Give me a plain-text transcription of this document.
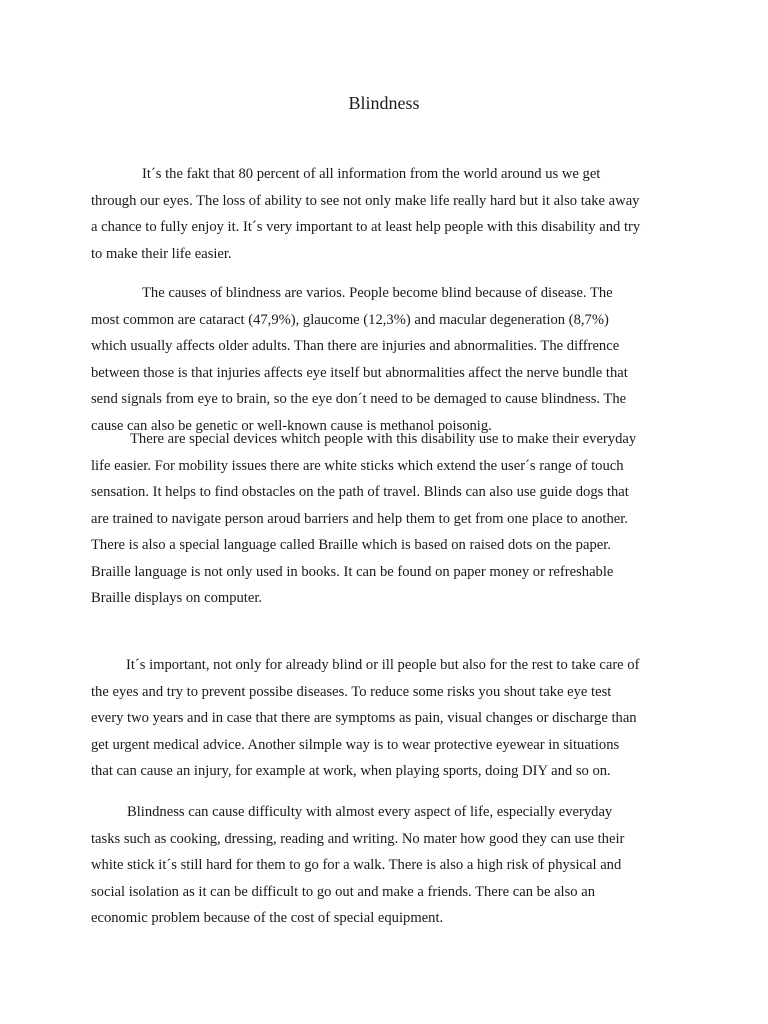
Blindness
It´s the fakt that 80 percent of all information from the world around us we get
through our eyes. The loss of ability to see not only make life really hard but it also take away
a chance to fully enjoy it. It´s very important to at least help people with this disability and try
to make their life easier.
The causes of blindness are varios. People become blind because of disease. The
most common are cataract (47,9%), glaucome (12,3%) and macular degeneration (8,7%)
which usually affects older adults. Than there are injuries and abnormalities. The diffrence
between those is that injuries affects eye itself but abnormalities affect the nerve bundle that
send signals from eye to brain, so the eye don´t need to be demaged to cause blindness. The
cause can also be genetic or well-known cause is methanol poisonig.
There are special devices whitch people with this disability use to make their everyday
life easier. For mobility issues there are white sticks which extend the user´s range of touch
sensation. It helps to find obstacles on the path of travel. Blinds can also use guide dogs that
are trained to navigate person aroud barriers and help them to get from one place to another.
There is also a special language called Braille which is based on raised dots on the paper.
Braille language is not only used in books. It can be found on paper money or refreshable
Braille displays on computer.
It´s important, not only for already blind or ill people but also for the rest to take care of
the eyes and try to prevent possibe diseases. To reduce some risks you shout take eye test
every two years and in case that there are symptoms as pain, visual changes or discharge than
get urgent medical advice. Another silmple way is to wear protective eyewear in situations
that can cause an injury, for example at work, when playing sports, doing DIY and so on.
Blindness can cause difficulty with almost every aspect of life, especially everyday
tasks such as cooking, dressing, reading and writing. No mater how good they can use their
white stick it´s still hard for them to go for a walk. There is also a high risk of physical and
social isolation as it can be difficult to go out and make a friends. There can be also an
economic problem because of the cost of special equipment.
